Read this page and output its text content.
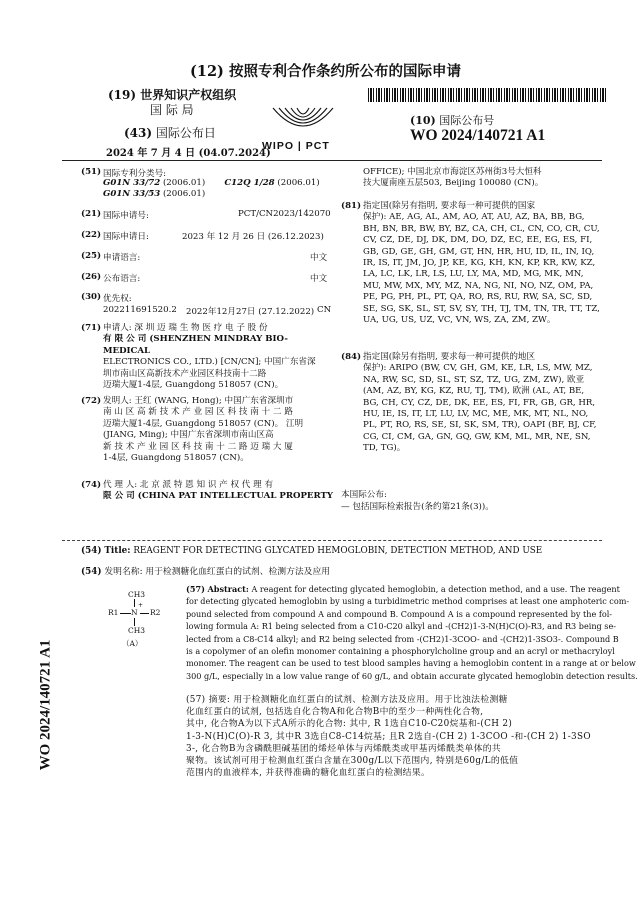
(12) 按照专利合作条约所公布的国际申请
(19) 世界知识产权组织
国 际 局
(43) 国际公布日
2024 年 7 月 4 日 (04.07.2024)
WIPO | PCT
(10) 国际公布号
WO 2024/140721 A1
(51) 国际专利分类号:
G01N 33/72 (2006.01) C12Q 1/28 (2006.01)
G01N 33/53 (2006.01)
(21) 国际申请号:	PCT/CN2023/142070
(22) 国际申请日:	2023 年 12 月 26 日 (26.12.2023)
(25) 申请语言:	中文
(26) 公布语言:	中文
(30) 优先权:
202211691520.2 2022年12月27日 (27.12.2022) CN
(71) 申请人: 深 圳 迈 瑞 生 物 医 疗 电 子 股 份
有 限 公 司 (SHENZHEN MINDRAY BIO-MEDICAL
ELECTRONICS CO., LTD.) [CN/CN]; 中国广东省深
圳市南山区高新技术产业园区科技南十二路
迈瑞大厦1-4层, Guangdong 518057 (CN)。
(72) 发明人: 王红 (WANG, Hong); 中国广东省深圳市
南 山 区 高 新 技 术 产 业 园 区 科 技 南 十 二 路
迈瑞大厦1-4层, Guangdong 518057 (CN)。 江明
(JIANG, Ming); 中国广东省深圳市南山区高
新 技 术 产 业 园 区 科 技 南 十 二 路 迈 瑞 大 厦
1-4层, Guangdong 518057 (CN)。
(74) 代 理 人: 北 京 派 特 恩 知 识 产 权 代 理 有
限 公 司 (CHINA PAT INTELLECTUAL PROPERTY
OFFICE); 中国北京市海淀区苏州街3号大恒科
技大厦南座五层503, Beijing 100080 (CN)。
(81) 指定国(除另有指明, 要求每一种可提供的国家
保护): AE, AG, AL, AM, AO, AT, AU, AZ, BA, BB, BG,
BH, BN, BR, BW, BY, BZ, CA, CH, CL, CN, CO, CR, CU,
CV, CZ, DE, DJ, DK, DM, DO, DZ, EC, EE, EG, ES, FI,
GB, GD, GE, GH, GM, GT, HN, HR, HU, ID, IL, IN, IQ,
IR, IS, IT, JM, JO, JP, KE, KG, KH, KN, KP, KR, KW, KZ,
LA, LC, LK, LR, LS, LU, LY, MA, MD, MG, MK, MN,
MU, MW, MX, MY, MZ, NA, NG, NI, NO, NZ, OM, PA,
PE, PG, PH, PL, PT, QA, RO, RS, RU, RW, SA, SC, SD,
SE, SG, SK, SL, ST, SV, SY, TH, TJ, TM, TN, TR, TT, TZ,
UA, UG, US, UZ, VC, VN, WS, ZA, ZM, ZW。
(84) 指定国(除另有指明, 要求每一种可提供的地区
保护): ARIPO (BW, CV, GH, GM, KE, LR, LS, MW, MZ,
NA, RW, SC, SD, SL, ST, SZ, TZ, UG, ZM, ZW), 欧亚
(AM, AZ, BY, KG, KZ, RU, TJ, TM), 欧洲 (AL, AT, BE,
BG, CH, CY, CZ, DE, DK, EE, ES, FI, FR, GB, GR, HR,
HU, IE, IS, IT, LT, LU, LV, MC, ME, MK, MT, NL, NO,
PL, PT, RO, RS, SE, SI, SK, SM, TR), OAPI (BF, BJ, CF,
CG, CI, CM, GA, GN, GQ, GW, KM, ML, MR, NE, SN,
TD, TG)。
本国际公布:
— 包括国际检索报告(条约第21条(3))。
WO 2024/140721 A1
(54) Title: REAGENT FOR DETECTING GLYCATED HEMOGLOBIN, DETECTION METHOD, AND USE
(54) 发明名称: 用于检测糖化血红蛋白的试剂、检测方法及应用
CH3
R1 N
+
R2
CH3
（A）
(57) Abstract: A reagent for detecting glycated hemoglobin, a detection method, and a use. The reagent
for detecting glycated hemoglobin by using a turbidimetric method comprises at least one amphoteric com-
pound selected from compound A and compound B. Compound A is a compound represented by the fol-
lowing formula A: R1 being selected from a C10-C20 alkyl and -(CH2)1-3-N(H)C(O)-R3, and R3 being se-
lected from a C8-C14 alkyl; and R2 being selected from -(CH2)1-3COO- and -(CH2)1-3SO3-. Compound B
is a copolymer of an olefin monomer containing a phosphorylcholine group and an acryl or methacryloyl
monomer. The reagent can be used to test blood samples having a hemoglobin content in a range at or below
300 g/L, especially in a low value range of 60 g/L, and obtain accurate glycated hemoglobin detection results.
(57) 摘要: 用于检测糖化血红蛋白的试剂、检测方法及应用。用于比浊法检测糖
化血红蛋白的试剂, 包括选自化合物A和化合物B中的至少一种两性化合物,
其中, 化合物A为以下式A所示的化合物: 其中, R 1选自C10-C20烷基和-(CH 2)
1-3-N(H)C(O)-R 3, 其中R 3选自C8-C14烷基; 且R 2选自-(CH 2) 1-3COO -和-(CH 2) 1-3SO
3-, 化合物B为含磷酰胆碱基团的烯烃单体与丙烯酰类或甲基丙烯酰类单体的共
聚物。该试剂可用于检测血红蛋白含量在300g/L以下范围内, 特别是60g/L的低值
范围内的血液样本, 并获得准确的糖化血红蛋白的检测结果。
